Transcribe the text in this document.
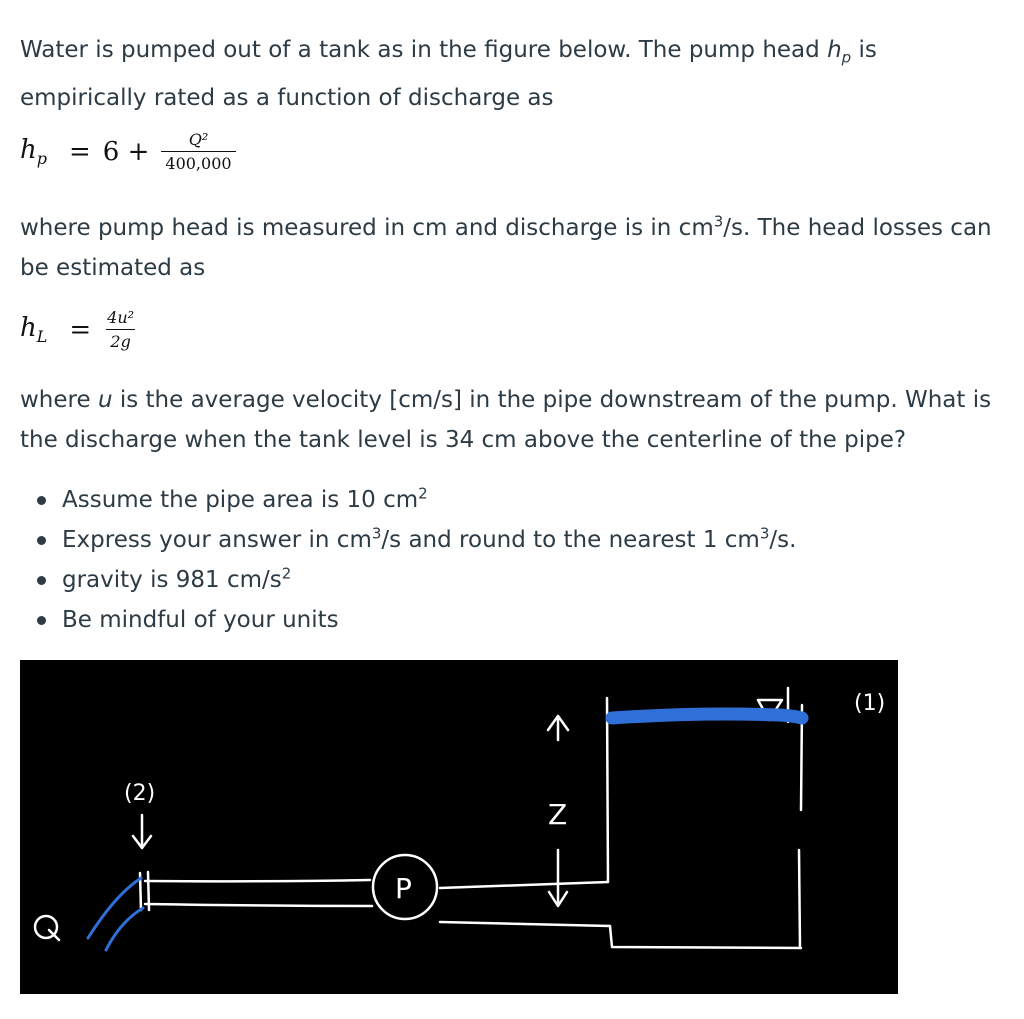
Water is pumped out of a tank as in the figure below. The pump head $h_p$ is empirically rated as a function of discharge as
$h_p = 6 + \frac{\text{Q²}}{400,000}$
where pump head is measured in cm and discharge is in $cm^3/s$. The head losses can be estimated as
$h_L = \frac{\text{4u²}}{2g}$
where u is the average velocity [cm/s] in the pipe downstream of the pump. What is the discharge when the tank level is 34 cm above the centerline of the pipe?
Assume the pipe area is 10 $cm^2$
Express your answer in $cm^3/s$ and round to the nearest 1 $cm^3/s$.
gravity is 981 $cm/s^2$
Be mindful of your units
(1)
(2)
P
Z
Q
